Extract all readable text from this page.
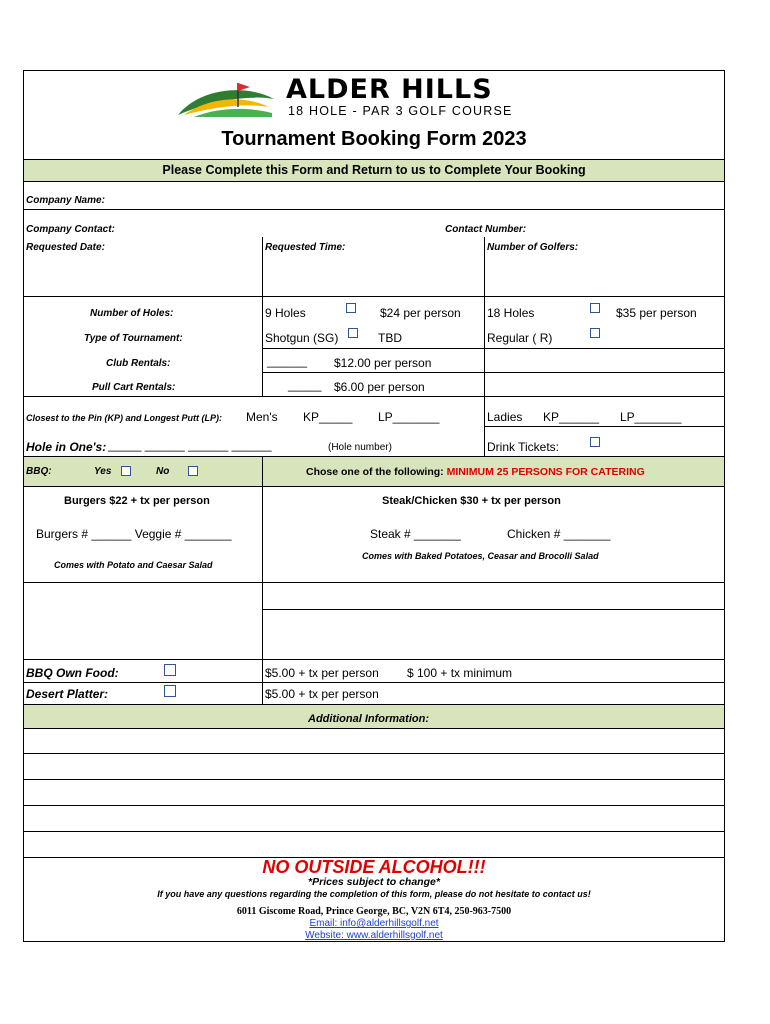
ALDER HILLS
18 HOLE - PAR 3 GOLF COURSE
Tournament Booking Form 2023
Please Complete this Form and Return to us to Complete Your Booking
Company Name:
Company Contact:	Contact Number:
Requested Date:	Requested Time:	Number of Golfers:
Number of Holes:	9 Holes	$24 per person 18 Holes	$35 per person
Type of Tournament:	Shotgun (SG)	TBD	Regular ( R)
Club Rentals:	______ $12.00 per person
Pull Cart Rentals:	_____ $6.00 per person
Closest to the Pin (KP) and Longest Putt (LP): Men's KP_____ LP_______	Ladies KP______ LP_______
Hole in One's: _____ ______ ______ ______	(Hole number)	Drink Tickets:
BBQ:	Yes	No	Chose one of the following: MINIMUM 25 PERSONS FOR CATERING
Burgers $22 + tx per person	Steak/Chicken $30 + tx per person
Burgers # ______ Veggie # _______	Steak # _______	Chicken # _______
Comes with Potato and Caesar Salad
Comes with Baked Potatoes, Ceasar and Brocolli Salad
BBQ Own Food:	$5.00 + tx per person $ 100 + tx minimum
Desert Platter:	$5.00 + tx per person
Additional Information:
NO OUTSIDE ALCOHOL!!!
*Prices subject to change*
If you have any questions regarding the completion of this form, please do not hesitate to contact us!
6011 Giscome Road, Prince George, BC, V2N 6T4, 250-963-7500
Email: info@alderhillsgolf.net
Website: www.alderhillsgolf.net
